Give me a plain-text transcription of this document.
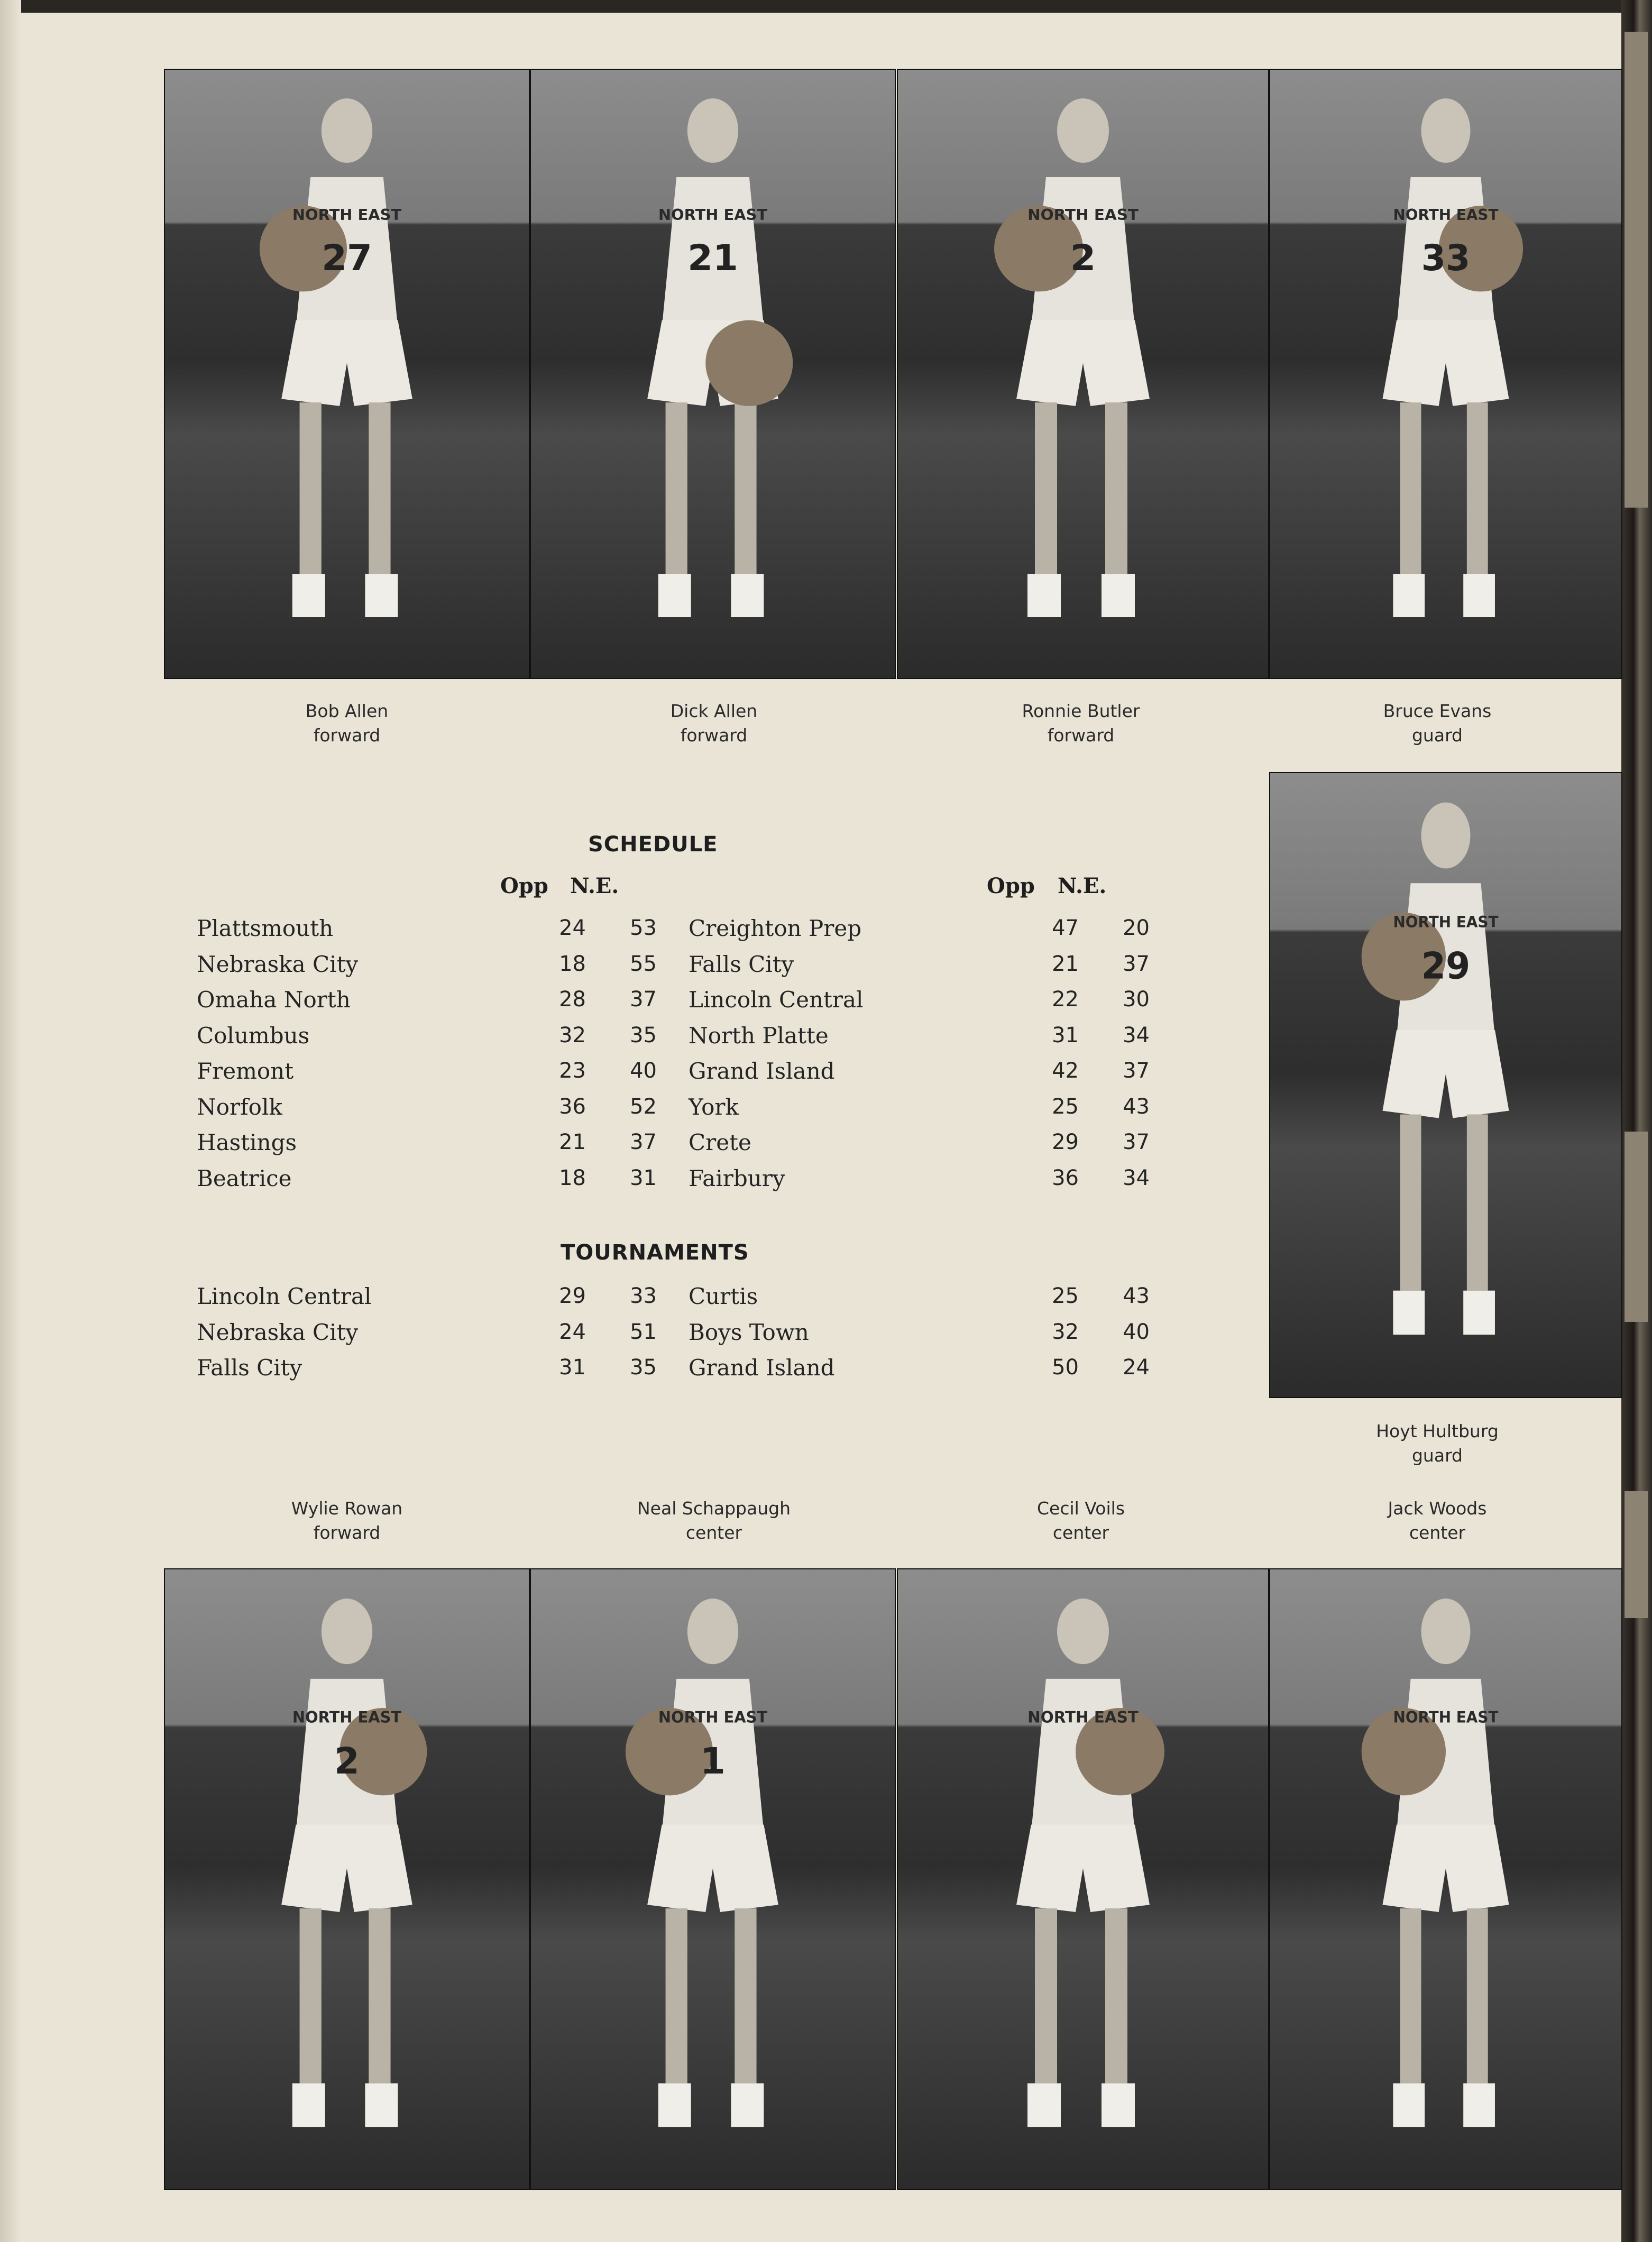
NORTH EAST
27
NORTH EAST
21
NORTH EAST
2
NORTH EAST
33
NORTH EAST
29
NORTH EAST
2
NORTH EAST
1
NORTH EAST	NORTH EAST
Bob Allen
forward
Dick Allen
forward
Ronnie Butler
forward
Bruce Evans
guard
Hoyt Hultburg
guard
Wylie Rowan
forward
Neal Schappaugh
center
Cecil Voils
center
Jack Woods
center
SCHEDULE
Opp N.E.	Opp N.E.
Plattsmouth	24	53
Nebraska City	18	55
Omaha North	28	37
Columbus	32	35
Fremont	23	40
Norfolk	36	52
Hastings	21	37
Beatrice	18	31
Creighton Prep	47	20
Falls City	21	37
Lincoln Central	22	30
North Platte	31	34
Grand Island	42	37
York	25	43
Crete	29	37
Fairbury	36	34
TOURNAMENTS
Lincoln Central	29	33
Nebraska City	24	51
Falls City	31	35
Curtis	25	43
Boys Town	32	40
Grand Island	50	24
